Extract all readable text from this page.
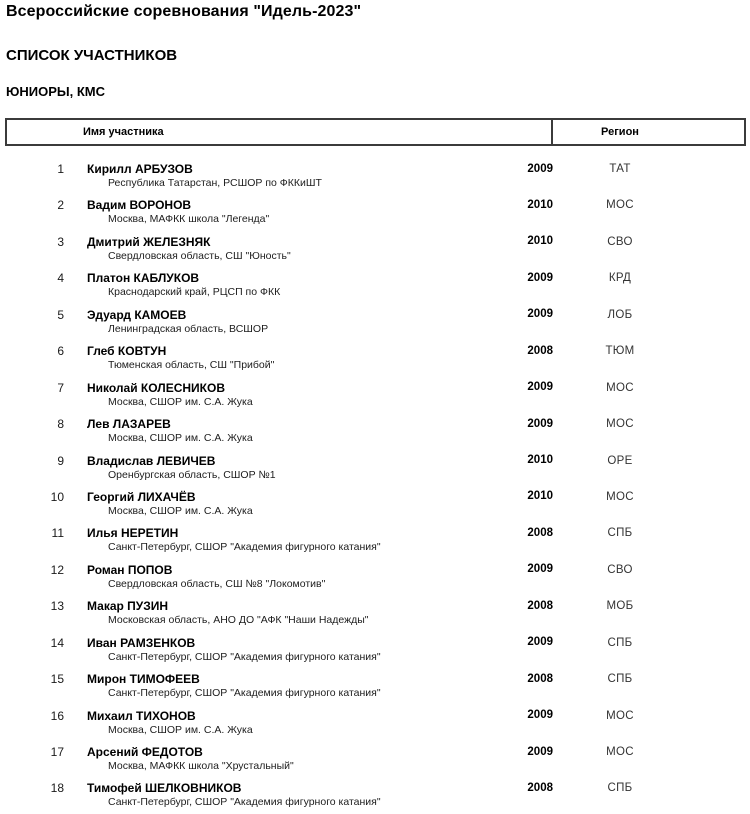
Всероссийские соревнования "Идель-2023"
СПИСОК УЧАСТНИКОВ
ЮНИОРЫ, КМС
Имя участника	Регион
1 Кирилл АРБУЗОВ
Республика Татарстан, РСШОР по ФККиШТ
2009	ТАТ
2 Вадим ВОРОНОВ
Москва, МАФКК школа "Легенда"
2010	МОС
3 Дмитрий ЖЕЛЕЗНЯК
Свердловская область, СШ "Юность"
2010	СВО
4 Платон КАБЛУКОВ
Краснодарский край, РЦСП по ФКК
2009	КРД
5 Эдуард КАМОЕВ
Ленинградская область, ВСШОР
2009	ЛОБ
6 Глеб КОВТУН
Тюменская область, СШ "Прибой"
2008	ТЮМ
7 Николай КОЛЕСНИКОВ
Москва, СШОР им. С.А. Жука
2009	МОС
8 Лев ЛАЗАРЕВ
Москва, СШОР им. С.А. Жука
2009	МОС
9 Владислав ЛЕВИЧЕВ
Оренбургская область, СШОР №1
2010	ОРЕ
10 Георгий ЛИХАЧЁВ
Москва, СШОР им. С.А. Жука
2010	МОС
11 Илья НЕРЕТИН
Санкт-Петербург, СШОР "Академия фигурного катания"
2008	СПБ
12 Роман ПОПОВ
Свердловская область, СШ №8 "Локомотив"
2009	СВО
13 Макар ПУЗИН
Московская область, АНО ДО "АФК "Наши Надежды"
2008	МОБ
14 Иван РАМЗЕНКОВ
Санкт-Петербург, СШОР "Академия фигурного катания"
2009	СПБ
15 Мирон ТИМОФЕЕВ
Санкт-Петербург, СШОР "Академия фигурного катания"
2008	СПБ
16 Михаил ТИХОНОВ
Москва, СШОР им. С.А. Жука
2009	МОС
17 Арсений ФЕДОТОВ
Москва, МАФКК школа "Хрустальный"
2009	МОС
18 Тимофей ШЕЛКОВНИКОВ
Санкт-Петербург, СШОР "Академия фигурного катания"
2008	СПБ
